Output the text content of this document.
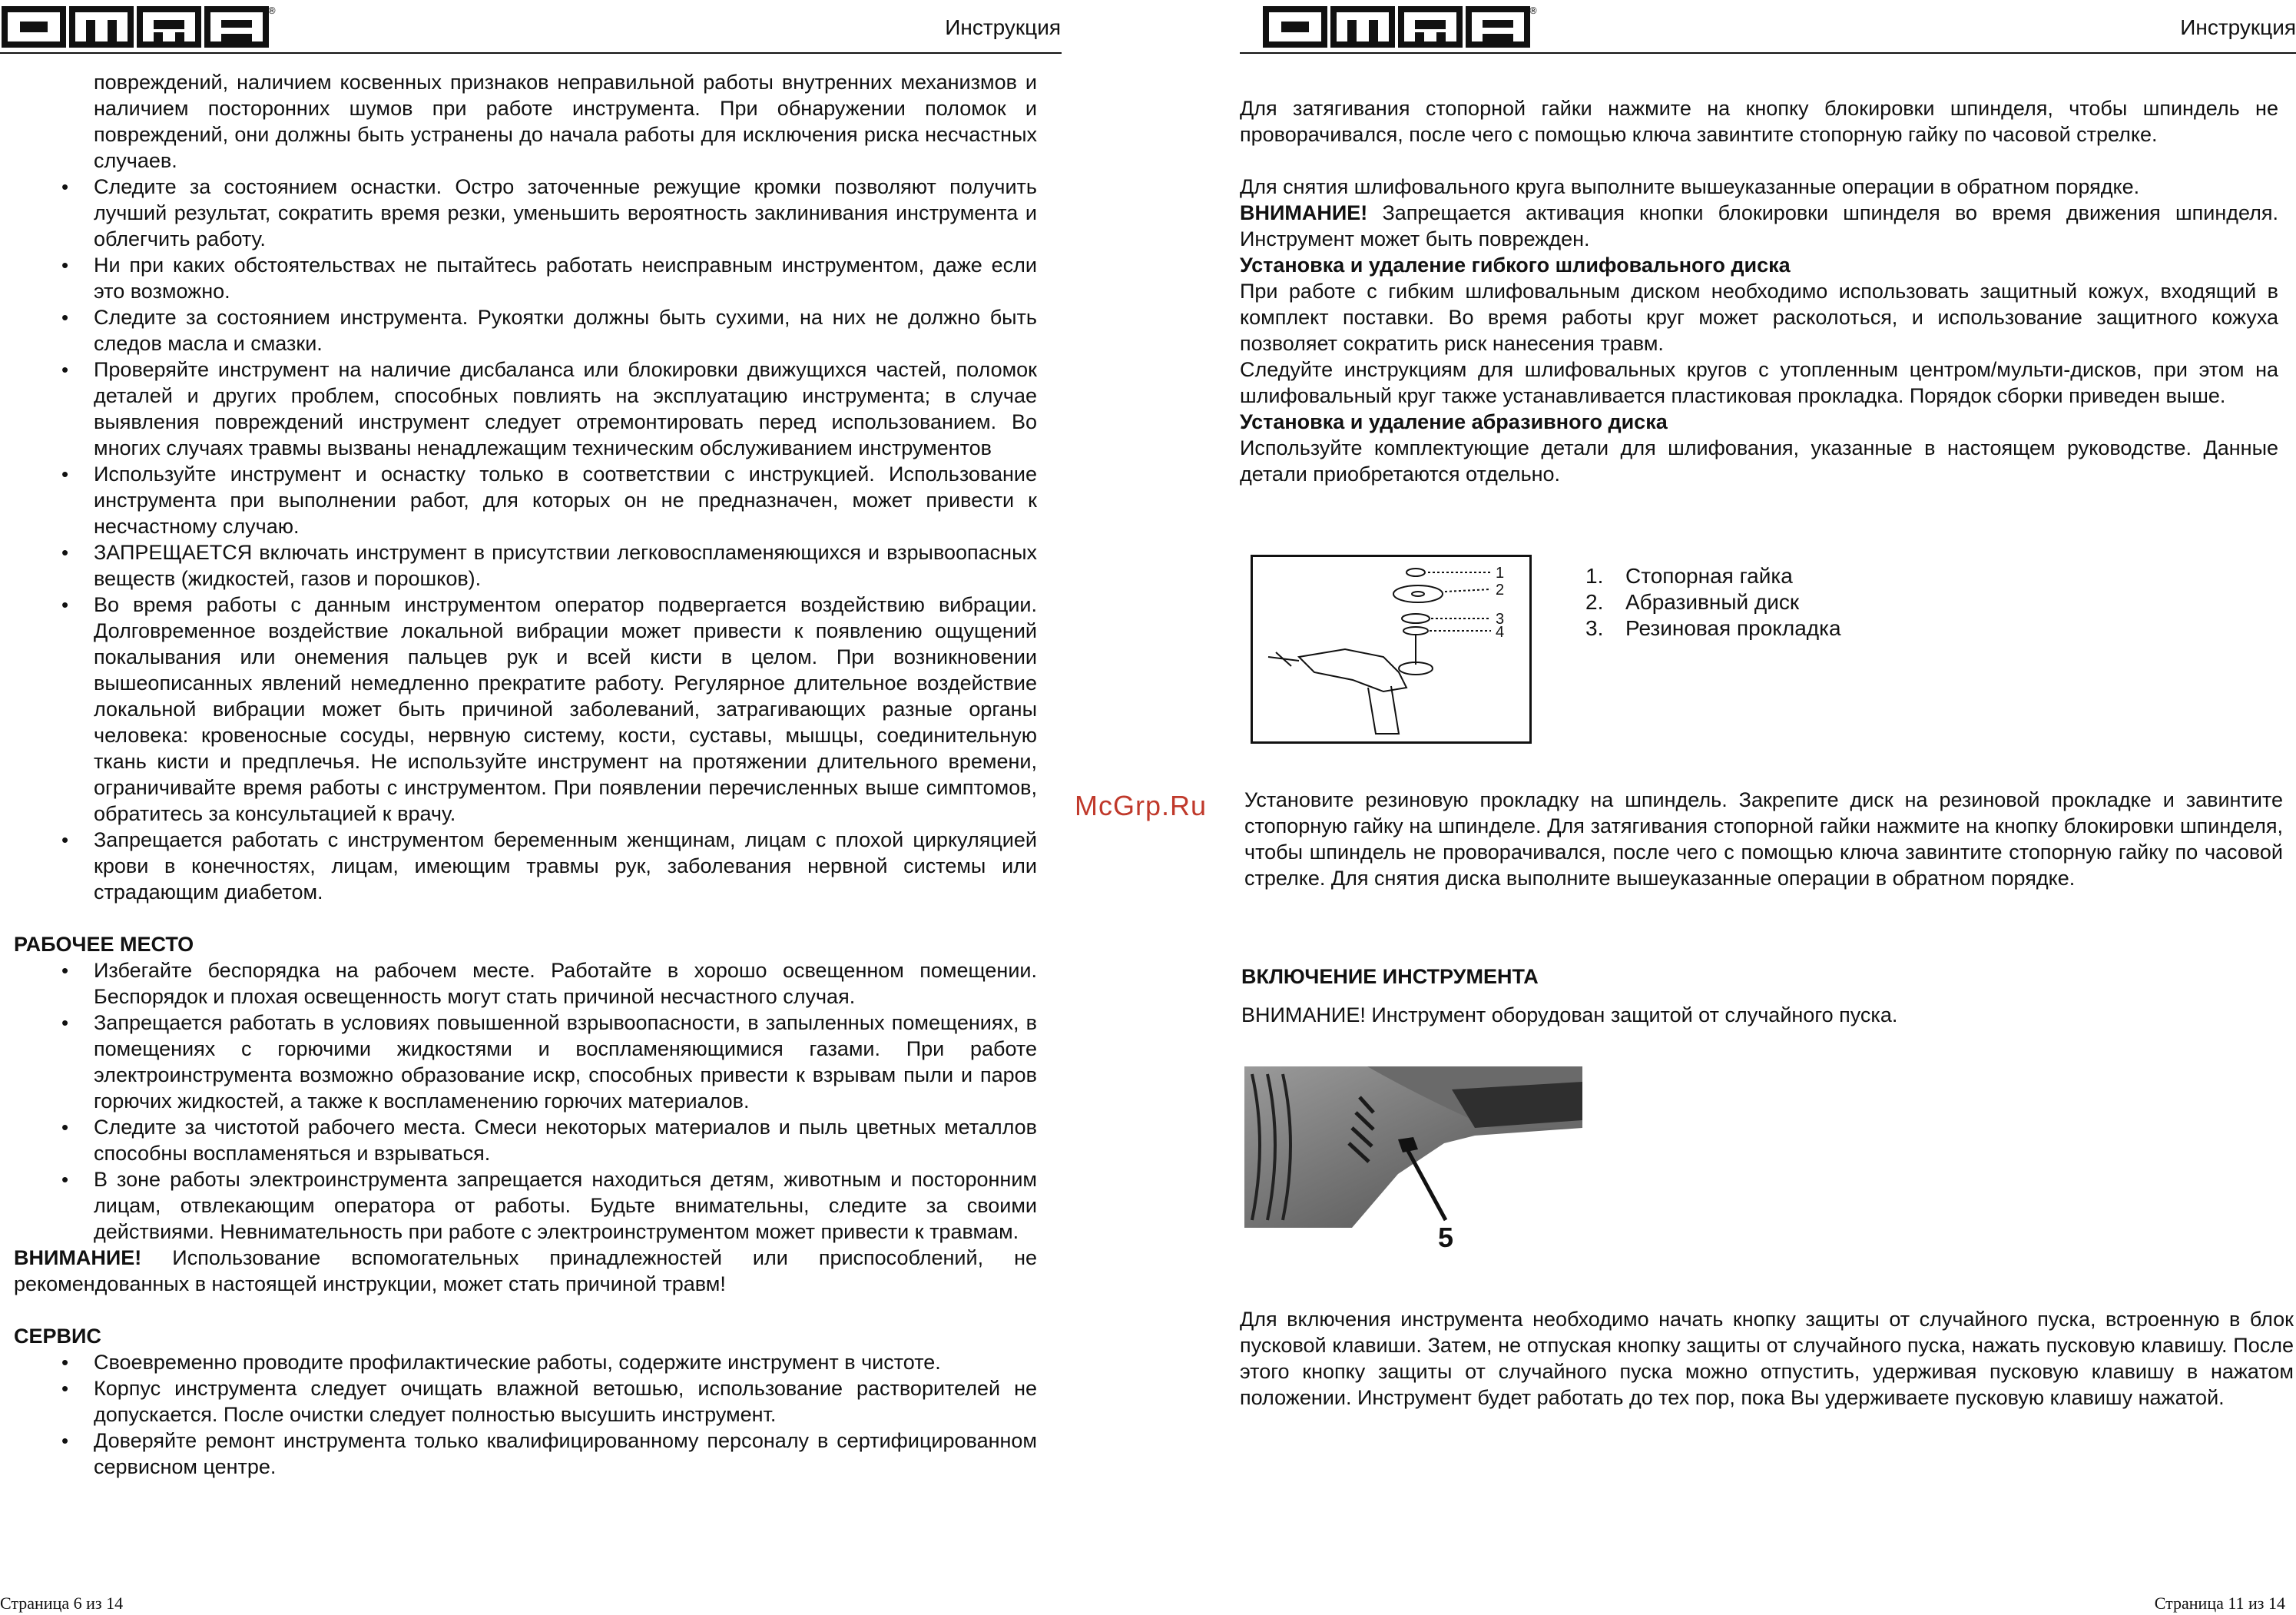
®
Инструкция

повреждений, наличием косвенных признаков неправильной работы внутренних механизмов и наличием посторонних шумов при работе инструмента. При обнаружении поломок и повреждений, они должны быть устранены до начала работы для исключения риска несчастных случаев.

• Следите за состоянием оснастки. Остро заточенные режущие кромки позволяют получить лучший результат, сократить время резки, уменьшить вероятность заклинивания инструмента и облегчить работу.
• Ни при каких обстоятельствах не пытайтесь работать неисправным инструментом, даже если это возможно.
• Следите за состоянием инструмента. Рукоятки должны быть сухими, на них не должно быть следов масла и смазки.
• Проверяйте инструмент на наличие дисбаланса или блокировки движущихся частей, поломок деталей и других проблем, способных повлиять на эксплуатацию инструмента; в случае выявления повреждений инструмент следует отремонтировать перед использованием. Во многих случаях травмы вызваны ненадлежащим техническим обслуживанием инструментов
• Используйте инструмент и оснастку только в соответствии с инструкцией. Использование инструмента при выполнении работ, для которых он не предназначен, может привести к несчастному случаю.
• ЗАПРЕЩАЕТСЯ включать инструмент в присутствии легковоспламеняющихся и взрывоопасных веществ (жидкостей, газов и порошков).
• Во время работы с данным инструментом оператор подвергается воздействию вибрации. Долговременное воздействие локальной вибрации может привести к появлению ощущений покалывания или онемения пальцев рук и всей кисти в целом. При возникновении вышеописанных явлений немедленно прекратите работу. Регулярное длительное воздействие локальной вибрации может быть причиной заболеваний, затрагивающих разные органы человека: кровеносные сосуды, нервную систему, кости, суставы, мышцы, соединительную ткань кисти и предплечья. Не используйте инструмент на протяжении длительного времени, ограничивайте время работы с инструментом. При появлении перечисленных выше симптомов, обратитесь за консультацией к врачу.
• Запрещается работать с инструментом беременным женщинам, лицам с плохой циркуляцией крови в конечностях, лицам, имеющим травмы рук, заболевания нервной системы или страдающим диабетом.

РАБОЧЕЕ МЕСТО

• Избегайте беспорядка на рабочем месте. Работайте в хорошо освещенном помещении. Беспорядок и плохая освещенность могут стать причиной несчастного случая.
• Запрещается работать в условиях повышенной взрывоопасности, в запыленных помещениях, в помещениях с горючими жидкостями и воспламеняющимися газами. При работе электроинструмента возможно образование искр, способных привести к взрывам пыли и паров горючих жидкостей, а также к воспламенению горючих материалов.
• Следите за чистотой рабочего места. Смеси некоторых материалов и пыль цветных металлов способны воспламеняться и взрываться.
• В зоне работы электроинструмента запрещается находиться детям, животным и посторонним лицам, отвлекающим оператора от работы. Будьте внимательны, следите за своими действиями. Невнимательность при работе с электроинструментом может привести к травмам.

ВНИМАНИЕ! Использование вспомогательных принадлежностей или приспособлений, не рекомендованных в настоящей инструкции, может стать причиной травм!

СЕРВИС

• Своевременно проводите профилактические работы, содержите инструмент в чистоте.
• Корпус инструмента следует очищать влажной ветошью, использование растворителей не допускается. После очистки следует полностью высушить инструмент.
• Доверяйте ремонт инструмента только квалифицированному персоналу в сертифицированном сервисном центре.
Страница 6 из 14
McGrp.Ru
®
Инструкция

Для затягивания стопорной гайки нажмите на кнопку блокировки шпинделя, чтобы шпиндель не проворачивался, после чего с помощью ключа завинтите стопорную гайку по часовой стрелке.

Для снятия шлифовального круга выполните вышеуказанные операции в обратном порядке.

ВНИМАНИЕ! Запрещается активация кнопки блокировки шпинделя во время движения шпинделя. Инструмент может быть поврежден.

Установка и удаление гибкого шлифовального диска

При работе с гибким шлифовальным диском необходимо использовать защитный кожух, входящий в комплект поставки. Во время работы круг может расколоться, и использование защитного кожуха позволяет сократить риск нанесения травм.

Следуйте инструкциям для шлифовальных кругов с утопленным центром/мульти-дисков, при этом на шлифовальный круг также устанавливается пластиковая прокладка. Порядок сборки приведен выше.

Установка и удаление абразивного диска

Используйте комплектующие детали для шлифования, указанные в настоящем руководстве. Данные детали приобретаются отдельно.

1
2
3
4
1.	Стопорная гайка
2.	Абразивный диск
3.	Резиновая прокладка

Установите резиновую прокладку на шпиндель. Закрепите диск на резиновой прокладке и завинтите стопорную гайку на шпинделе. Для затягивания стопорной гайки нажмите на кнопку блокировки шпинделя, чтобы шпиндель не проворачивался, после чего с помощью ключа завинтите стопорную гайку по часовой стрелке. Для снятия диска выполните вышеуказанные операции в обратном порядке.

ВКЛЮЧЕНИЕ ИНСТРУМЕНТА

ВНИМАНИЕ! Инструмент оборудован защитой от случайного пуска.

5

Для включения инструмента необходимо начать кнопку защиты от случайного пуска, встроенную в блок пусковой клавиши. Затем, не отпуская кнопку защиты от случайного пуска, нажать пусковую клавишу. После этого кнопку защиты от случайного пуска можно отпустить, удерживая пусковую клавишу в нажатом положении. Инструмент будет работать до тех пор, пока Вы удерживаете пусковую клавишу нажатой.

Страница 11 из 14
